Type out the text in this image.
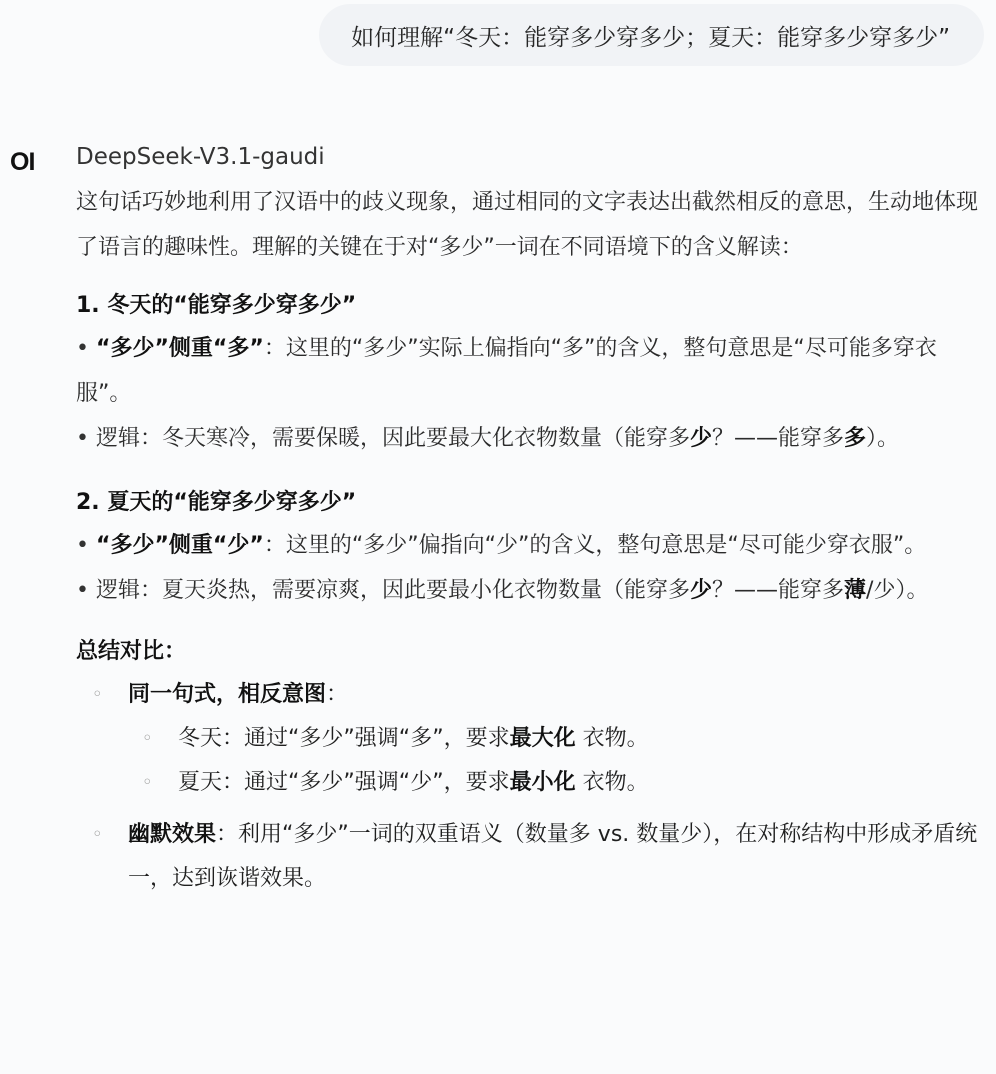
如何理解“冬天：能穿多少穿多少；夏天：能穿多少穿多少”
OI DeepSeek-V3.1-gaudi
这句话巧妙地利用了汉语中的歧义现象，通过相同的文字表达出截然相反的意思，生动地体现了语言的趣味性。理解的关键在于对“多少”一词在不同语境下的含义解读：
1. 冬天的“能穿多少穿多少”
• “多少”侧重“多”：这里的“多少”实际上偏指向“多”的含义，整句意思是“尽可能多穿衣服”。
• 逻辑：冬天寒冷，需要保暖，因此要最大化衣物数量（能穿多少？——能穿多多）。
2. 夏天的“能穿多少穿多少”
• “多少”侧重“少”：这里的“多少”偏指向“少”的含义，整句意思是“尽可能少穿衣服”。
• 逻辑：夏天炎热，需要凉爽，因此要最小化衣物数量（能穿多少？——能穿多薄/少）。
总结对比：
◦ 同一句式，相反意图：
◦ 冬天：通过“多少”强调“多”，要求最大化 衣物。
◦ 夏天：通过“多少”强调“少”，要求最小化 衣物。
◦ 幽默效果：利用“多少”一词的双重语义（数量多 vs. 数量少），在对称结构中形成矛盾统一，达到诙谐效果。
